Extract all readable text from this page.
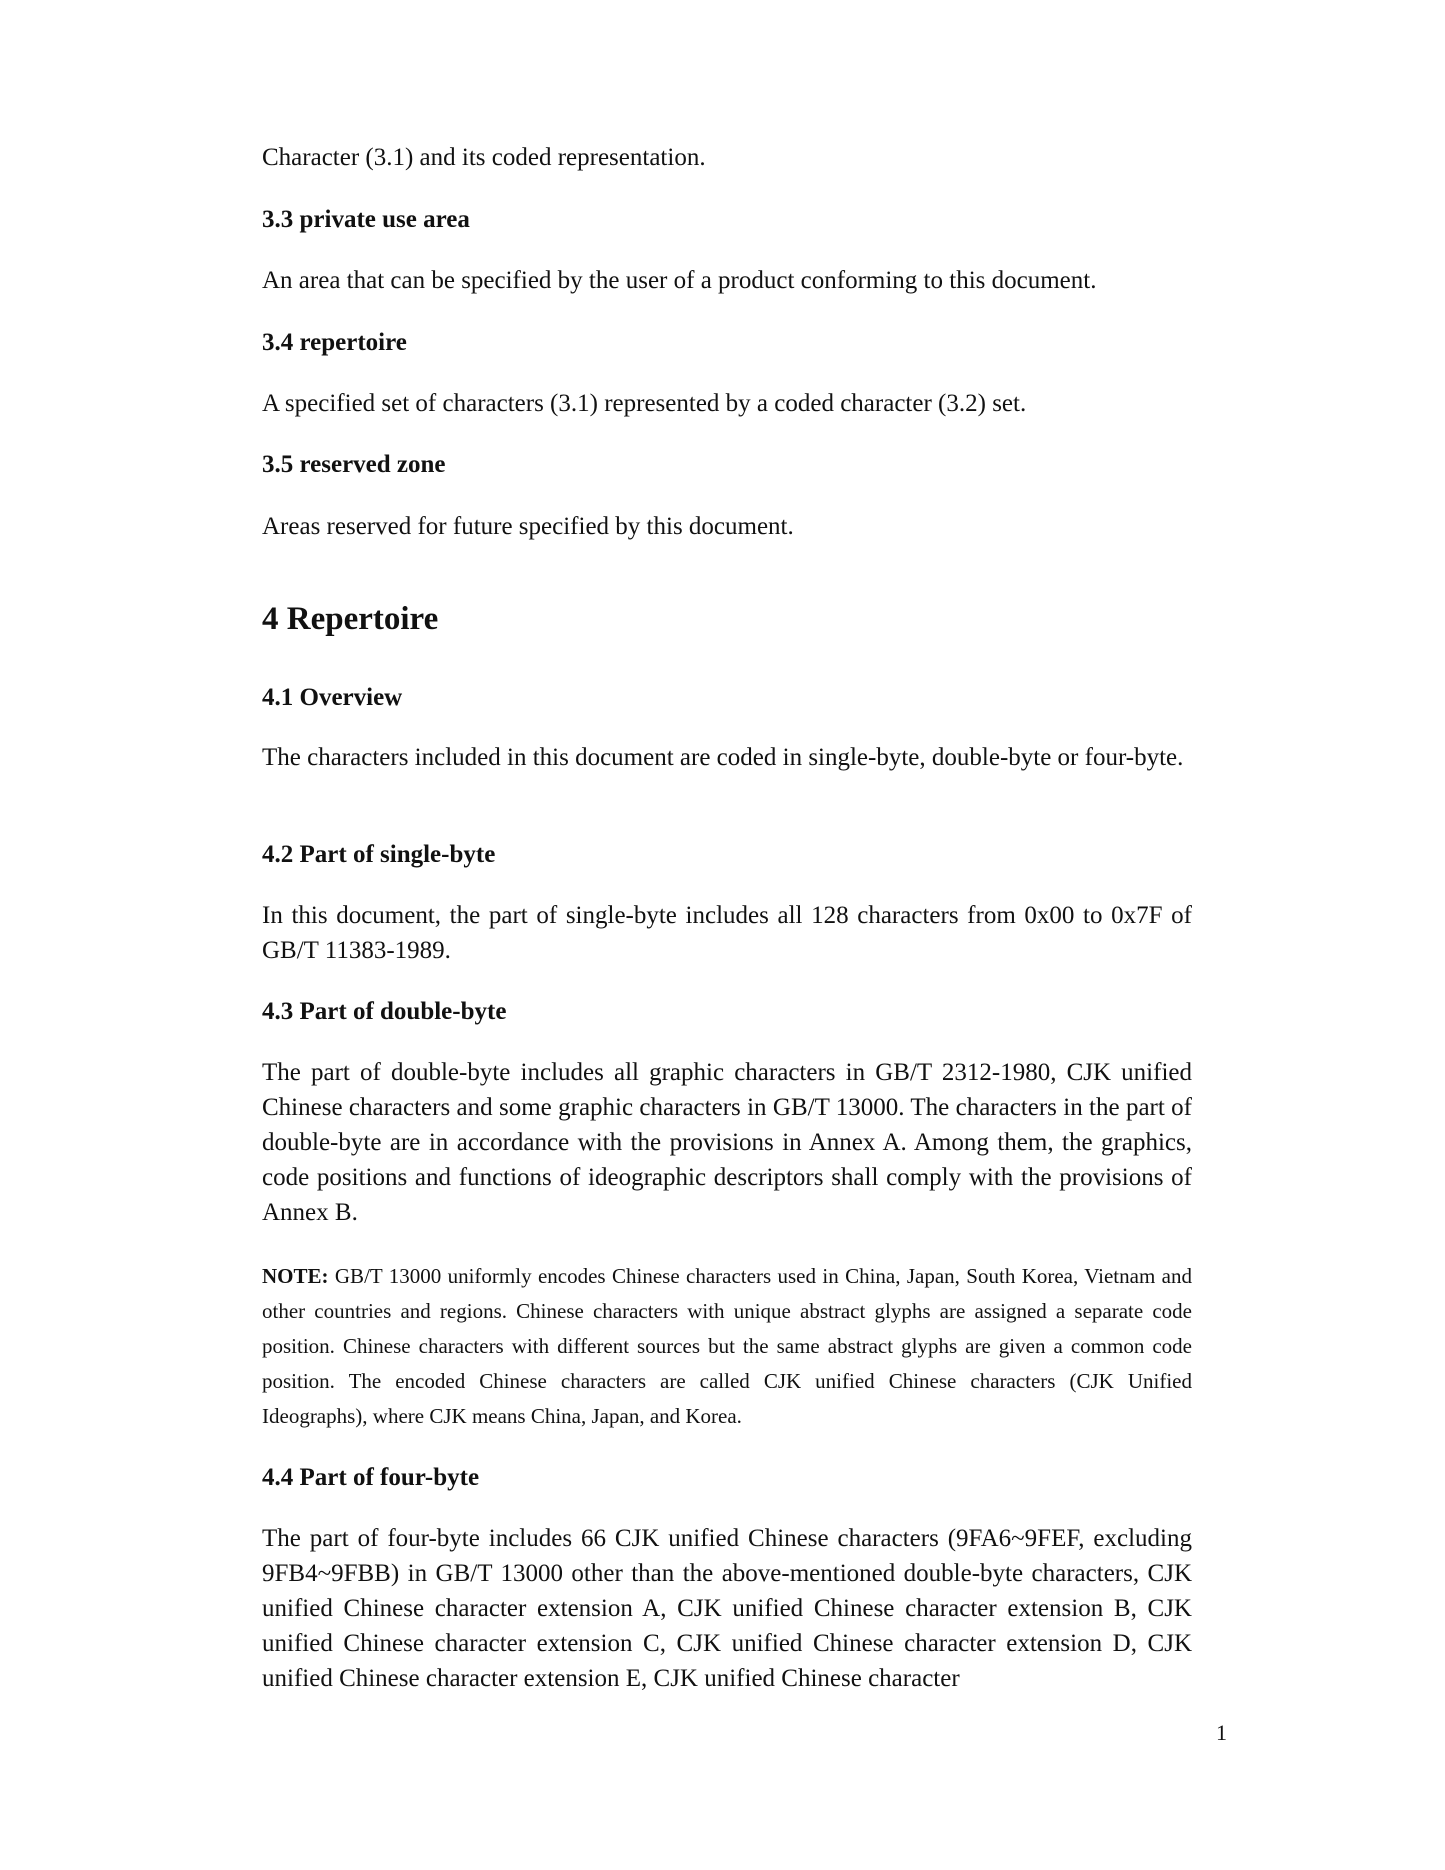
Character (3.1) and its coded representation.

3.3 private use area

An area that can be specified by the user of a product conforming to this document.

3.4 repertoire

A specified set of characters (3.1) represented by a coded character (3.2) set.

3.5 reserved zone

Areas reserved for future specified by this document.

4 Repertoire
4.1 Overview

The characters included in this document are coded in single-byte, double-byte or four-byte.

4.2 Part of single-byte

In this document, the part of single-byte includes all 128 characters from 0x00 to 0x7F of GB/T 11383-1989.

4.3 Part of double-byte

The part of double-byte includes all graphic characters in GB/T 2312-1980, CJK unified Chinese characters and some graphic characters in GB/T 13000. The characters in the part of double-byte are in accordance with the provisions in Annex A. Among them, the graphics, code positions and functions of ideographic descriptors shall comply with the provisions of Annex B.

NOTE: GB/T 13000 uniformly encodes Chinese characters used in China, Japan, South Korea, Vietnam and other countries and regions. Chinese characters with unique abstract glyphs are assigned a separate code position. Chinese characters with different sources but the same abstract glyphs are given a common code position. The encoded Chinese characters are called CJK unified Chinese characters (CJK Unified Ideographs), where CJK means China, Japan, and Korea.

4.4 Part of four-byte

The part of four-byte includes 66 CJK unified Chinese characters (9FA6~9FEF, excluding 9FB4~9FBB) in GB/T 13000 other than the above-mentioned double-byte characters, CJK unified Chinese character extension A, CJK unified Chinese character extension B, CJK unified Chinese character extension C, CJK unified Chinese character extension D, CJK unified Chinese character extension E, CJK unified Chinese character

1
